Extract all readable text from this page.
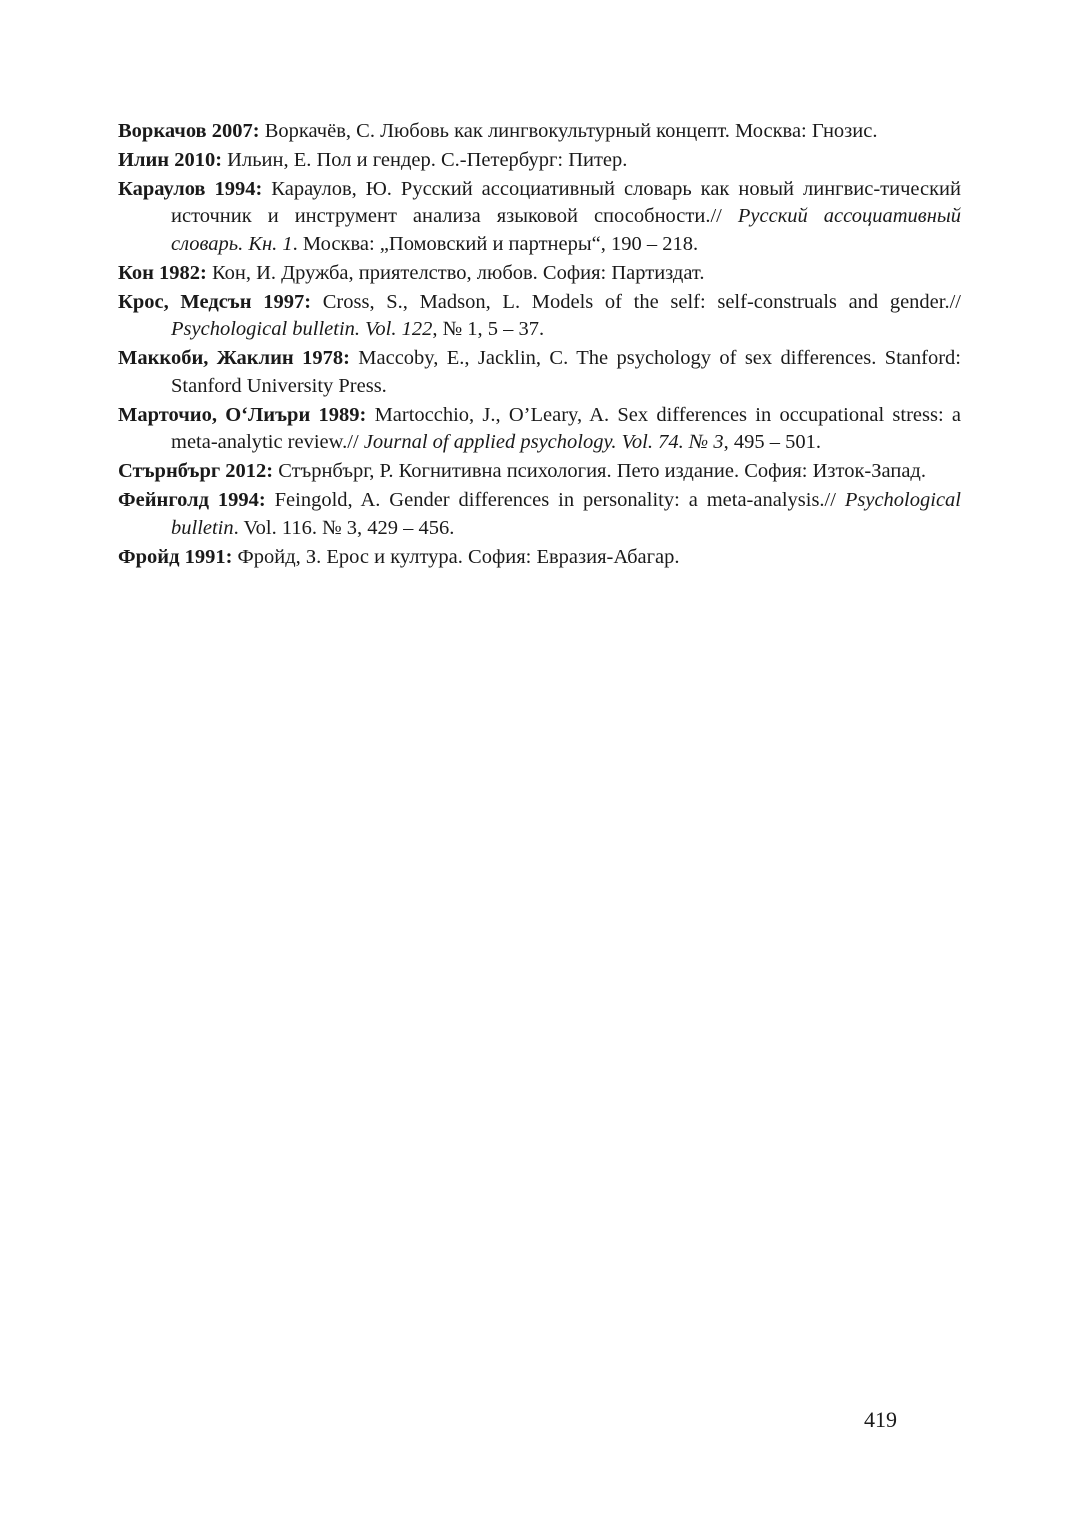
Воркачов 2007: Воркачёв, С. Любовь как лингвокультурный концепт. Москва: Гнозис.

Илин 2010: Ильин, Е. Пол и гендер. С.-Петербург: Питер.

Караулов 1994: Караулов, Ю. Русский ассоциативный словарь как новый лингвис-тический источник и инструмент анализа языковой способности.// Русский ассоциативный словарь. Кн. 1. Москва: „Помовский и партнеры“, 190 – 218.

Кон 1982: Кон, И. Дружба, приятелство, любов. София: Партиздат.

Крос, Медсън 1997: Cross, S., Madson, L. Models of the self: self-construals and gender.// Psychological bulletin. Vol. 122, № 1, 5 – 37.

Маккоби, Жаклин 1978: Maccoby, E., Jacklin, C. The psychology of sex differences. Stanford: Stanford University Press.

Марточио, О‘Лиъри 1989: Martocchio, J., O’Leary, A. Sex differences in occupational stress: a meta-analytic review.// Journal of applied psychology. Vol. 74. № 3, 495 – 501.

Стърнбърг 2012: Стърнбърг, Р. Когнитивна психология. Пето издание. София: Изток-Запад.

Фейнголд 1994: Feingold, A. Gender differences in personality: a meta-analysis.// Psychological bulletin. Vol. 116. № 3, 429 – 456.

Фройд 1991: Фройд, З. Ерос и култура. София: Евразия-Абагар.

419
